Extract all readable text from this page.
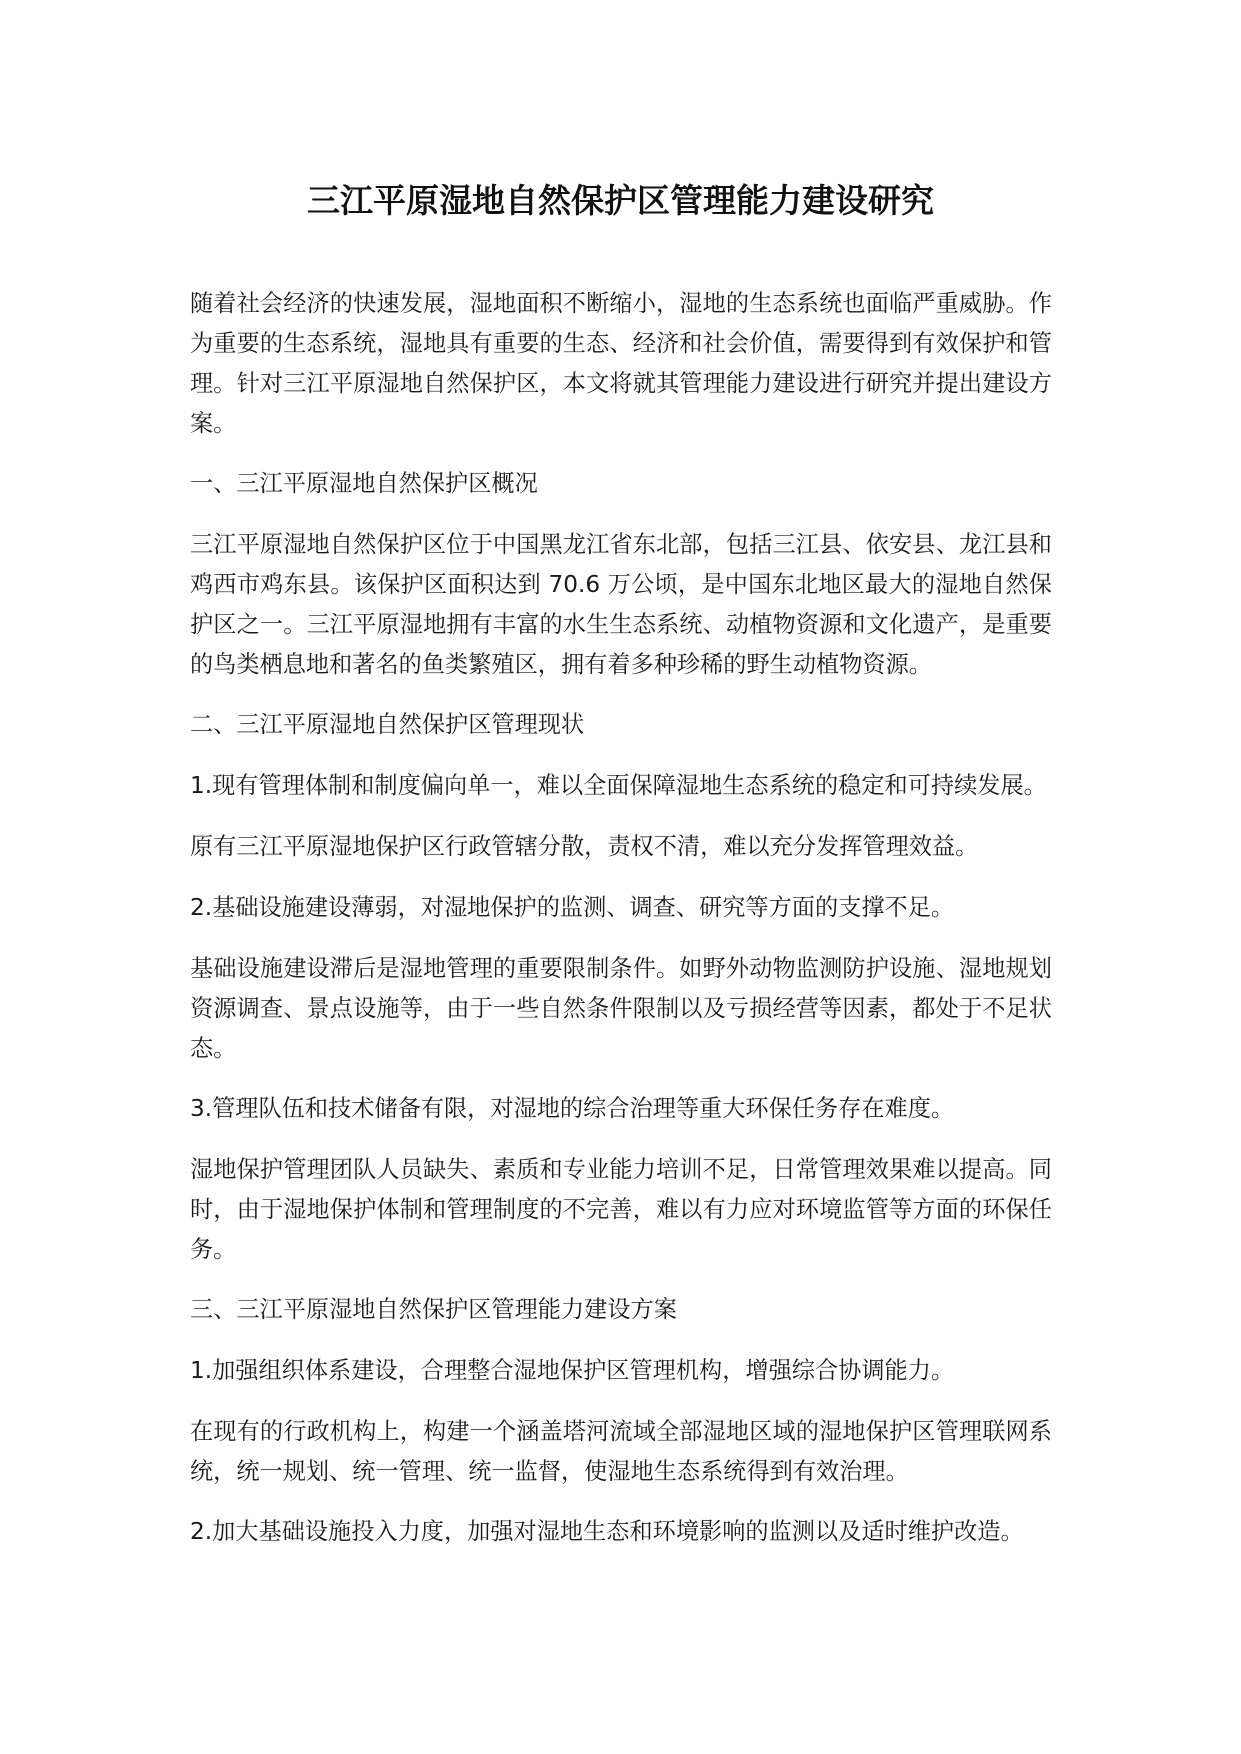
三江平原湿地自然保护区管理能力建设研究

随着社会经济的快速发展，湿地面积不断缩小，湿地的生态系统也面临严重威胁。作为重要的生态系统，湿地具有重要的生态、经济和社会价值，需要得到有效保护和管理。针对三江平原湿地自然保护区，本文将就其管理能力建设进行研究并提出建设方案。

一、三江平原湿地自然保护区概况

三江平原湿地自然保护区位于中国黑龙江省东北部，包括三江县、依安县、龙江县和鸡西市鸡东县。该保护区面积达到 70.6 万公顷，是中国东北地区最大的湿地自然保护区之一。三江平原湿地拥有丰富的水生生态系统、动植物资源和文化遗产，是重要的鸟类栖息地和著名的鱼类繁殖区，拥有着多种珍稀的野生动植物资源。

二、三江平原湿地自然保护区管理现状

1.现有管理体制和制度偏向单一，难以全面保障湿地生态系统的稳定和可持续发展。

原有三江平原湿地保护区行政管辖分散，责权不清，难以充分发挥管理效益。

2.基础设施建设薄弱，对湿地保护的监测、调查、研究等方面的支撑不足。

基础设施建设滞后是湿地管理的重要限制条件。如野外动物监测防护设施、湿地规划资源调查、景点设施等，由于一些自然条件限制以及亏损经营等因素，都处于不足状态。

3.管理队伍和技术储备有限，对湿地的综合治理等重大环保任务存在难度。

湿地保护管理团队人员缺失、素质和专业能力培训不足，日常管理效果难以提高。同时，由于湿地保护体制和管理制度的不完善，难以有力应对环境监管等方面的环保任务。

三、三江平原湿地自然保护区管理能力建设方案

1.加强组织体系建设，合理整合湿地保护区管理机构，增强综合协调能力。

在现有的行政机构上，构建一个涵盖塔河流域全部湿地区域的湿地保护区管理联网系统，统一规划、统一管理、统一监督，使湿地生态系统得到有效治理。

2.加大基础设施投入力度，加强对湿地生态和环境影响的监测以及适时维护改造。
